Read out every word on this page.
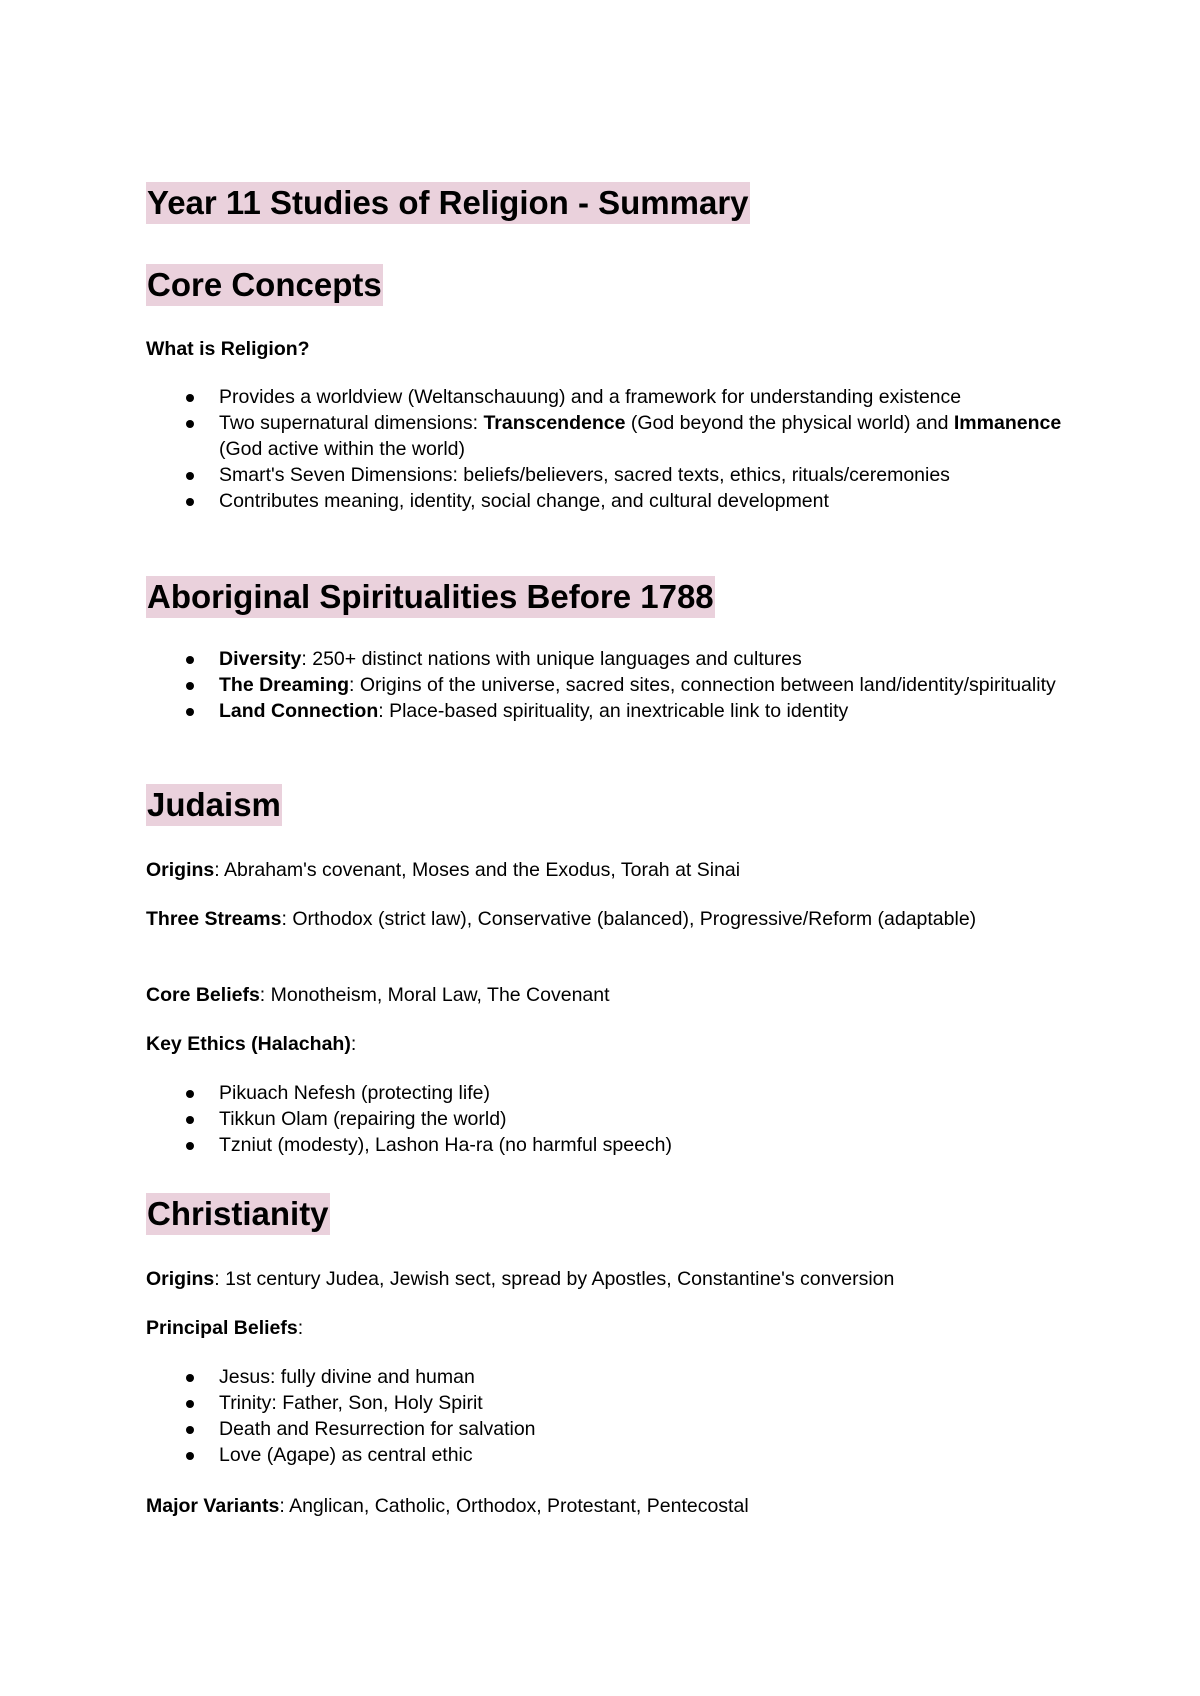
Year 11 Studies of Religion - Summary
Core Concepts
What is Religion?
Provides a worldview (Weltanschauung) and a framework for understanding existence
Two supernatural dimensions: Transcendence (God beyond the physical world) and Immanence (God active within the world)
Smart's Seven Dimensions: beliefs/believers, sacred texts, ethics, rituals/ceremonies
Contributes meaning, identity, social change, and cultural development
Aboriginal Spiritualities Before 1788
Diversity: 250+ distinct nations with unique languages and cultures
The Dreaming: Origins of the universe, sacred sites, connection between land/identity/spirituality
Land Connection: Place-based spirituality, an inextricable link to identity
Judaism
Origins: Abraham's covenant, Moses and the Exodus, Torah at Sinai
Three Streams: Orthodox (strict law), Conservative (balanced), Progressive/Reform (adaptable)
Core Beliefs: Monotheism, Moral Law, The Covenant
Key Ethics (Halachah):
Pikuach Nefesh (protecting life)
Tikkun Olam (repairing the world)
Tzniut (modesty), Lashon Ha-ra (no harmful speech)
Christianity
Origins: 1st century Judea, Jewish sect, spread by Apostles, Constantine's conversion
Principal Beliefs:
Jesus: fully divine and human
Trinity: Father, Son, Holy Spirit
Death and Resurrection for salvation
Love (Agape) as central ethic
Major Variants: Anglican, Catholic, Orthodox, Protestant, Pentecostal
